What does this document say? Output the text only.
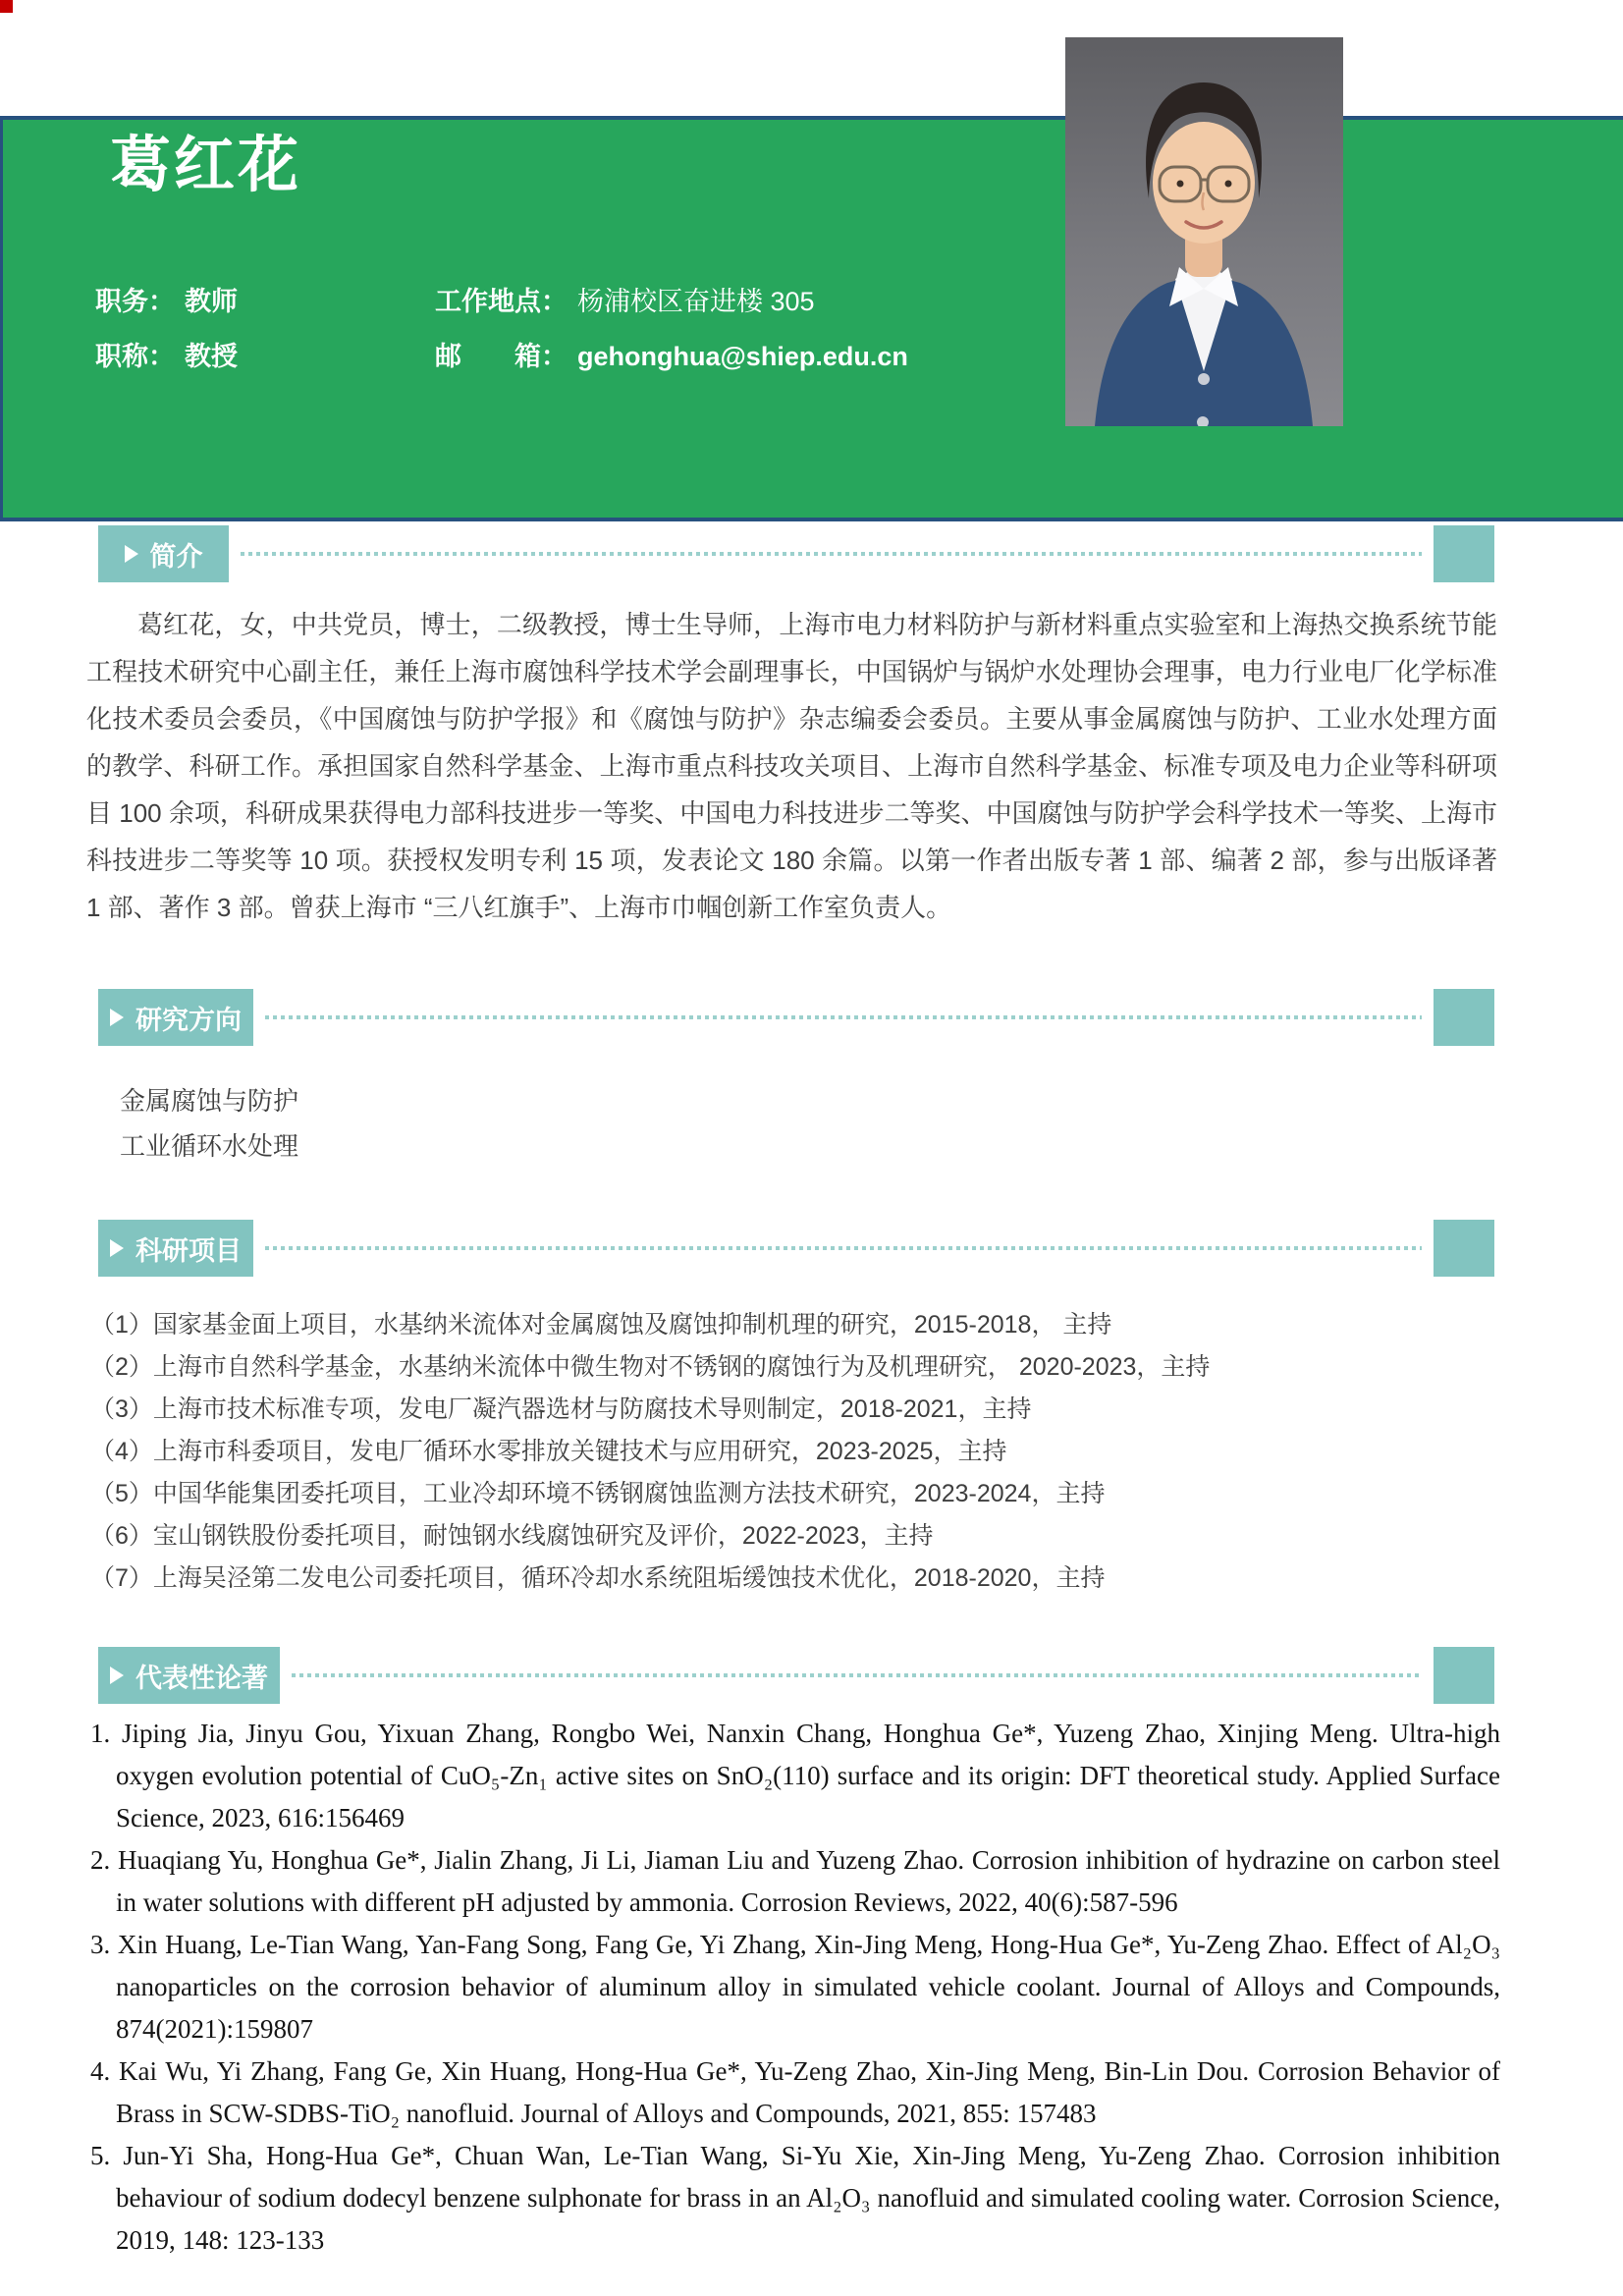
葛红花
职务： 教师	工作地点： 杨浦校区奋进楼 305
职称： 教授	邮　　箱： gehonghua@shiep.edu.cn
简介

葛红花，女，中共党员，博士，二级教授，博士生导师，上海市电力材料防护与新材料重点实验室和上海热交换系统节能工程技术研究中心副主任，兼任上海市腐蚀科学技术学会副理事长，中国锅炉与锅炉水处理协会理事，电力行业电厂化学标准化技术委员会委员，《中国腐蚀与防护学报》和《腐蚀与防护》杂志编委会委员。主要从事金属腐蚀与防护、工业水处理方面的教学、科研工作。承担国家自然科学基金、上海市重点科技攻关项目、上海市自然科学基金、标准专项及电力企业等科研项目 100 余项，科研成果获得电力部科技进步一等奖、中国电力科技进步二等奖、中国腐蚀与防护学会科学技术一等奖、上海市科技进步二等奖等 10 项。获授权发明专利 15 项，发表论文 180 余篇。以第一作者出版专著 1 部、编著 2 部，参与出版译著 1 部、著作 3 部。曾获上海市 “三八红旗手”、上海市巾帼创新工作室负责人。

研究方向
金属腐蚀与防护
工业循环水处理
科研项目
（1）国家基金面上项目，水基纳米流体对金属腐蚀及腐蚀抑制机理的研究，2015-2018， 主持
（2）上海市自然科学基金，水基纳米流体中微生物对不锈钢的腐蚀行为及机理研究， 2020-2023，主持
（3）上海市技术标准专项，发电厂凝汽器选材与防腐技术导则制定，2018-2021，主持
（4）上海市科委项目，发电厂循环水零排放关键技术与应用研究，2023-2025，主持
（5）中国华能集团委托项目，工业冷却环境不锈钢腐蚀监测方法技术研究，2023-2024，主持
（6）宝山钢铁股份委托项目，耐蚀钢水线腐蚀研究及评价，2022-2023，主持
（7）上海吴泾第二发电公司委托项目，循环冷却水系统阻垢缓蚀技术优化，2018-2020，主持
代表性论著
1. Jiping Jia, Jinyu Gou, Yixuan Zhang, Rongbo Wei, Nanxin Chang, Honghua Ge*, Yuzeng Zhao, Xinjing Meng. Ultra-high oxygen evolution potential of CuO₅-Zn₁ active sites on SnO₂(110) surface and its origin: DFT theoretical study. Applied Surface Science, 2023, 616:156469
2. Huaqiang Yu, Honghua Ge*, Jialin Zhang, Ji Li, Jiaman Liu and Yuzeng Zhao. Corrosion inhibition of hydrazine on carbon steel in water solutions with different pH adjusted by ammonia. Corrosion Reviews, 2022, 40(6):587-596
3. Xin Huang, Le-Tian Wang, Yan-Fang Song, Fang Ge, Yi Zhang, Xin-Jing Meng, Hong-Hua Ge*, Yu-Zeng Zhao. Effect of Al₂O₃ nanoparticles on the corrosion behavior of aluminum alloy in simulated vehicle coolant. Journal of Alloys and Compounds, 874(2021):159807
4. Kai Wu, Yi Zhang, Fang Ge, Xin Huang, Hong-Hua Ge*, Yu-Zeng Zhao, Xin-Jing Meng, Bin-Lin Dou. Corrosion Behavior of Brass in SCW-SDBS-TiO₂ nanofluid. Journal of Alloys and Compounds, 2021, 855: 157483
5. Jun-Yi Sha, Hong-Hua Ge*, Chuan Wan, Le-Tian Wang, Si-Yu Xie, Xin-Jing Meng, Yu-Zeng Zhao. Corrosion inhibition behaviour of sodium dodecyl benzene sulphonate for brass in an Al₂O₃ nanofluid and simulated cooling water. Corrosion Science, 2019, 148: 123-133
